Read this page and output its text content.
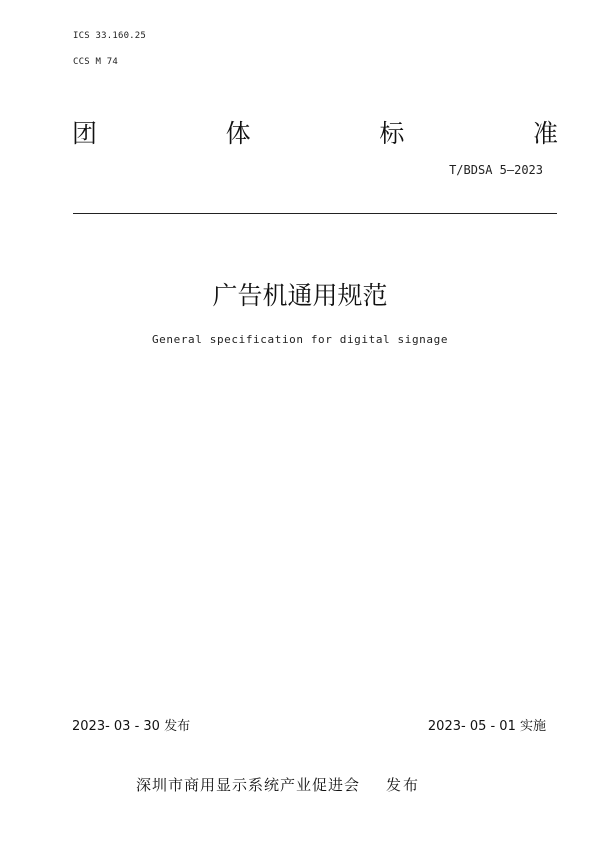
ICS 33.160.25
CCS M 74
团	体	标	准
T/BDSA 5—2023
广告机通用规范
General specification for digital signage
2023- 03 - 30 发布	2023- 05 - 01 实施
深圳市商用显示系统产业促进会 发布
